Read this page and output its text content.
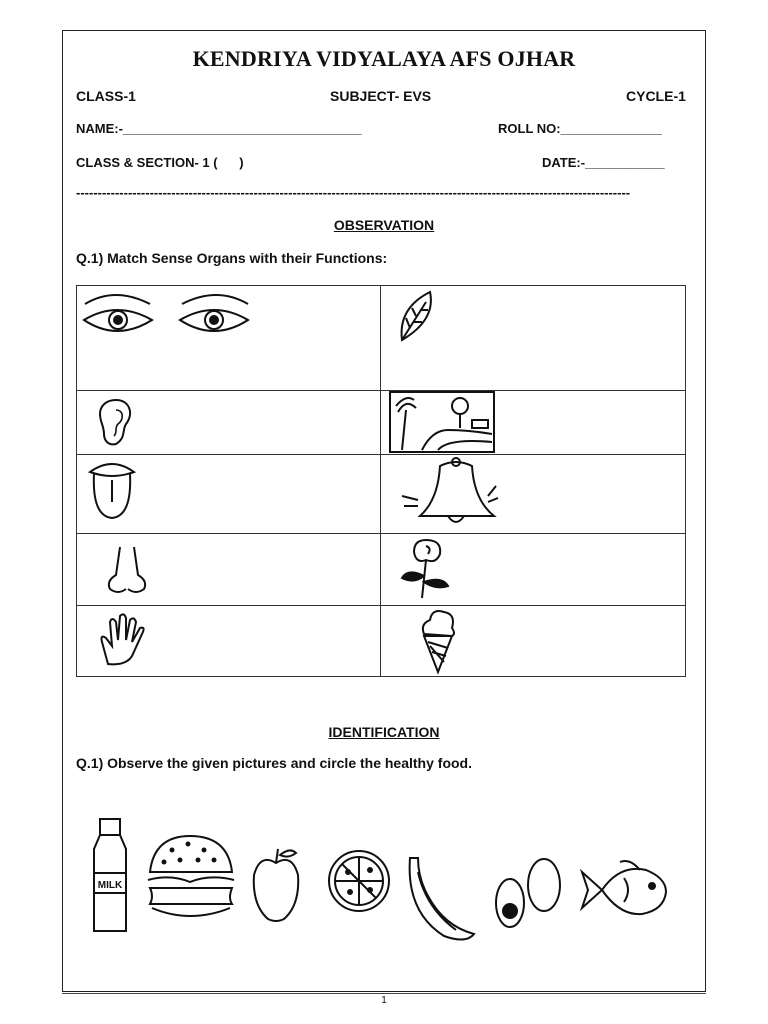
KENDRIYA VIDYALAYA AFS OJHAR
CLASS-1	SUBJECT- EVS	CYCLE-1
NAME:-_________________________________	ROLL NO:______________
CLASS & SECTION- 1 (      )	DATE:-___________
--------------------------------------------------------------------------------------------------------------------------------
OBSERVATION
Q.1) Match Sense Organs with their Functions:
IDENTIFICATION
Q.1) Observe the given pictures and circle the healthy food.
MILK
1
